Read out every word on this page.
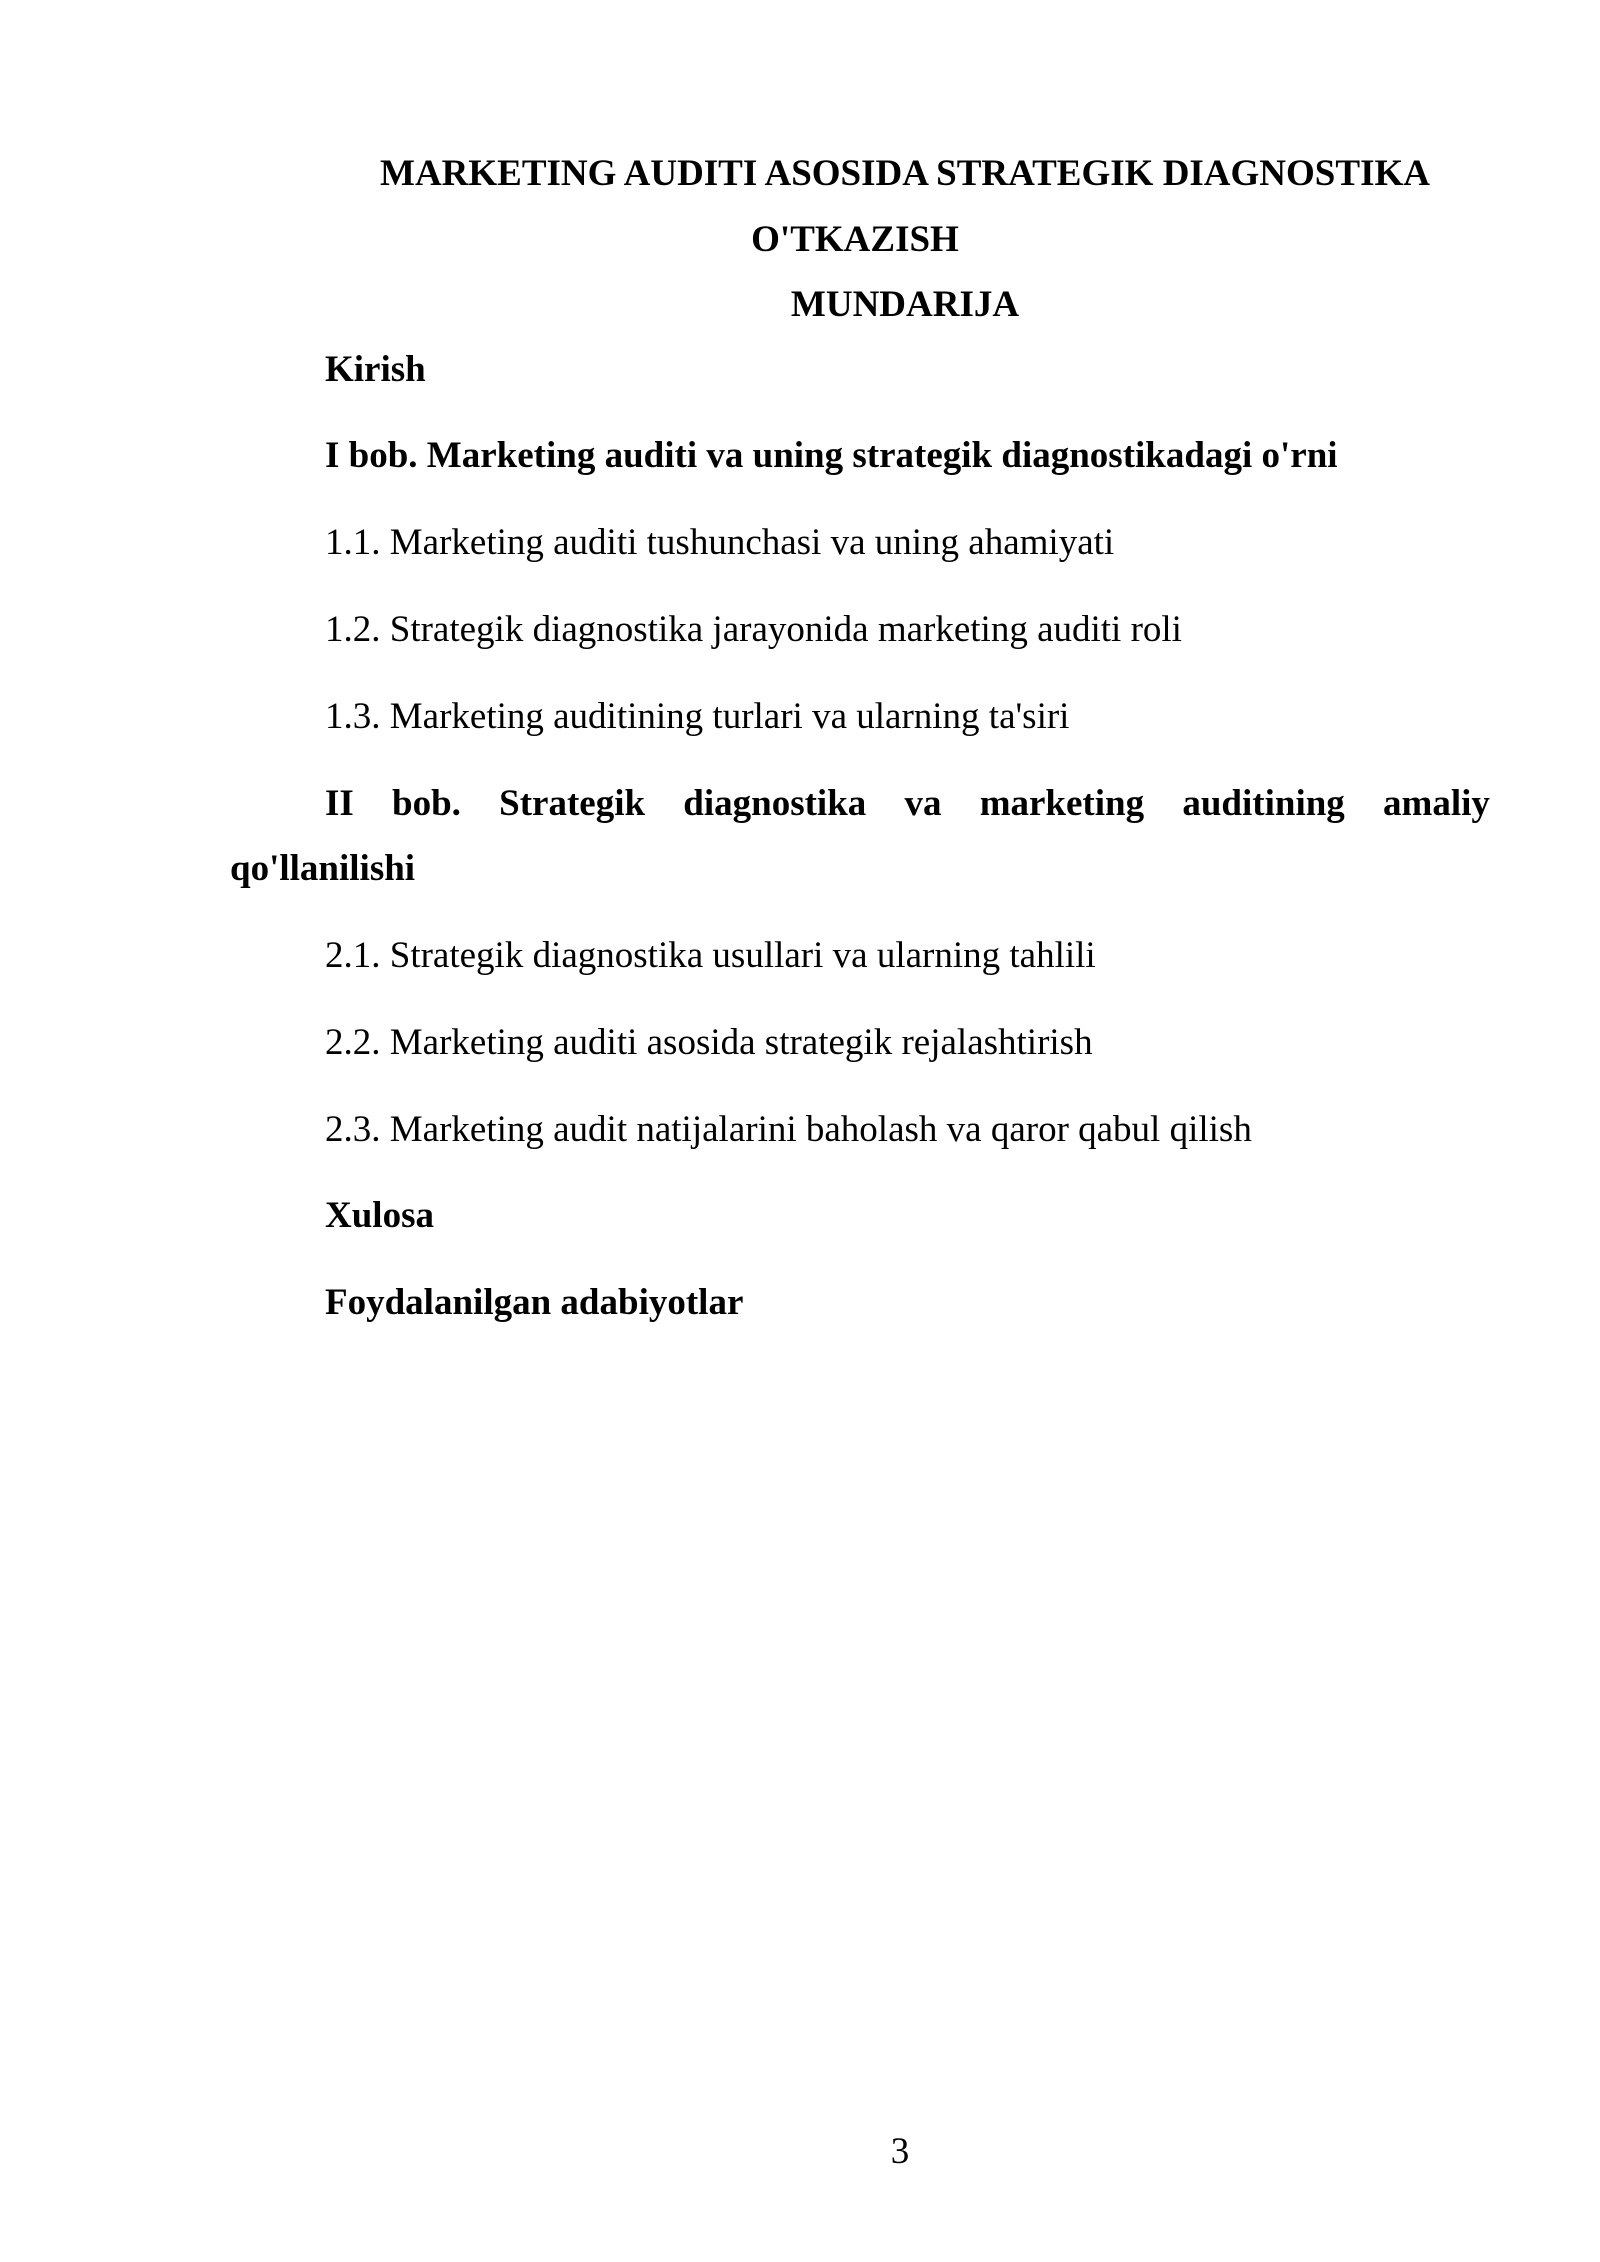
MARKETING AUDITI ASOSIDA STRATEGIK DIAGNOSTIKA
O'TKAZISH
MUNDARIJA
Kirish
I bob. Marketing auditi va uning strategik diagnostikadagi o'rni
1.1. Marketing auditi tushunchasi va uning ahamiyati
1.2. Strategik diagnostika jarayonida marketing auditi roli
1.3. Marketing auditining turlari va ularning ta'siri
II bob. Strategik diagnostika va marketing auditining amaliy
qo'llanilishi
2.1. Strategik diagnostika usullari va ularning tahlili
2.2. Marketing auditi asosida strategik rejalashtirish
2.3. Marketing audit natijalarini baholash va qaror qabul qilish
Xulosa
Foydalanilgan adabiyotlar
3
